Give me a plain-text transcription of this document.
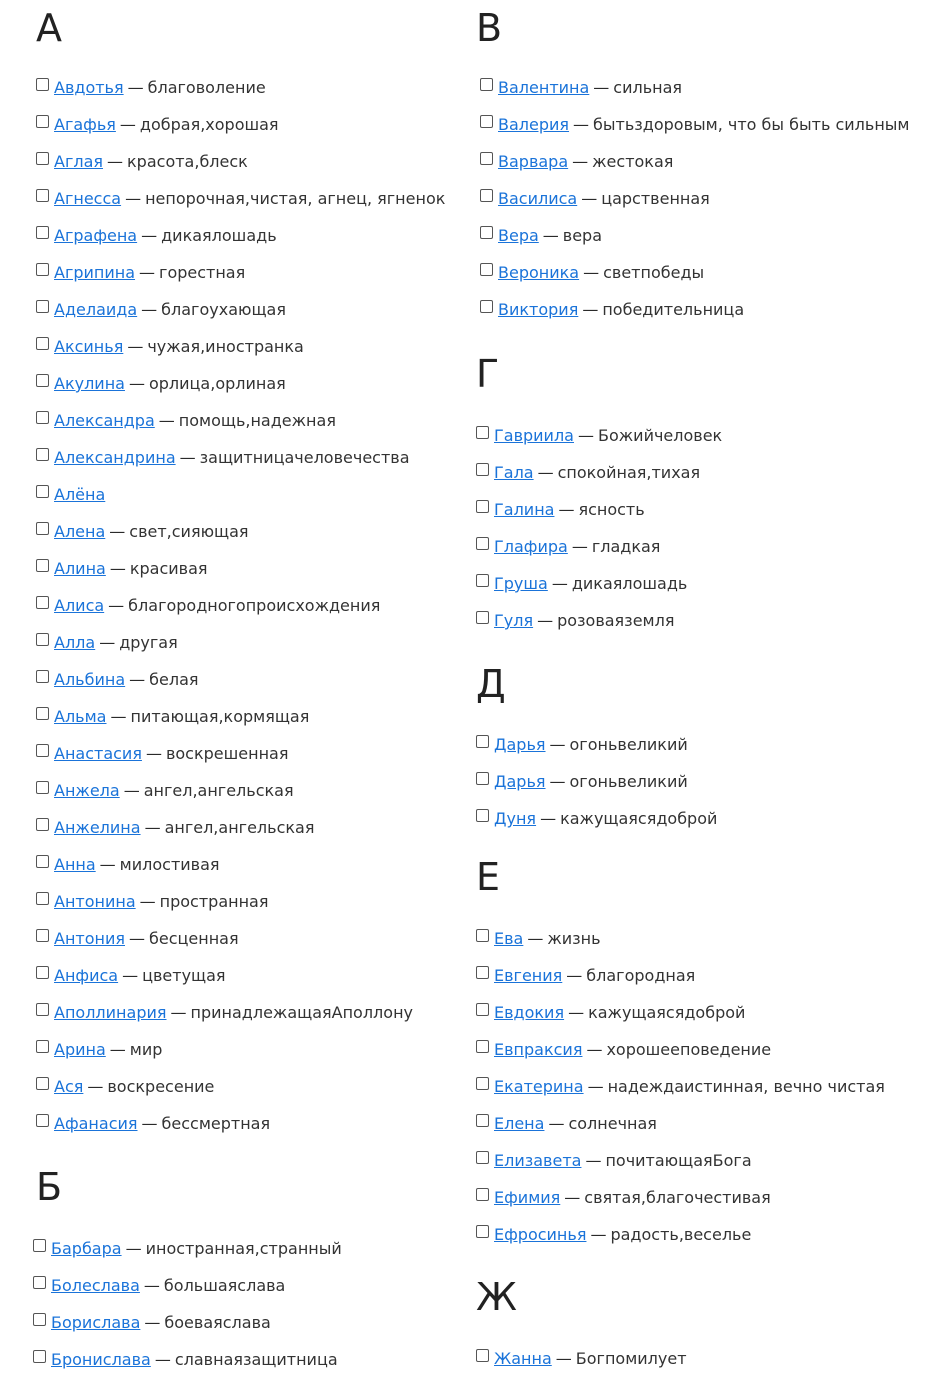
А
Авдотья — благоволение
Агафья — добрая,хорошая
Аглая — красота,блеск
Агнесса — непорочная,чистая, агнец, ягненок
Аграфена — дикаялошадь
Агрипина — горестная
Аделаида — благоухающая
Аксинья — чужая,иностранка
Акулина — орлица,орлиная
Александра — помощь,надежная
Александрина — защитницачеловечества
Алёна
Алена — свет,сияющая
Алина — красивая
Алиса — благородногопроисхождения
Алла — другая
Альбина — белая
Альма — питающая,кормящая
Анастасия — воскрешенная
Анжела — ангел,ангельская
Анжелина — ангел,ангельская
Анна — милостивая
Антонина — пространная
Антония — бесценная
Анфиса — цветущая
Аполлинария — принадлежащаяАполлону
Арина — мир
Ася — воскресение
Афанасия — бессмертная
Б
Барбара — иностранная,странный
Болеслава — большаяслава
Борислава — боеваяслава
Бронислава — славнаязащитница
В
Валентина — сильная
Валерия — бытьздоровым, что бы быть сильным
Варвара — жестокая
Василиса — царственная
Вера — вера
Вероника — светпобеды
Виктория — победительница
Г
Гавриила — Божийчеловек
Гала — спокойная,тихая
Галина — ясность
Глафира — гладкая
Груша — дикаялошадь
Гуля — розоваяземля
Д
Дарья — огоньвеликий
Дарья — огоньвеликий
Дуня — кажущаясядоброй
Е
Ева — жизнь
Евгения — благородная
Евдокия — кажущаясядоброй
Евпраксия — хорошееповедение
Екатерина — надеждаистинная, вечно чистая
Елена — солнечная
Елизавета — почитающаяБога
Ефимия — святая,благочестивая
Ефросинья — радость,веселье
Ж
Жанна — Богпомилует
